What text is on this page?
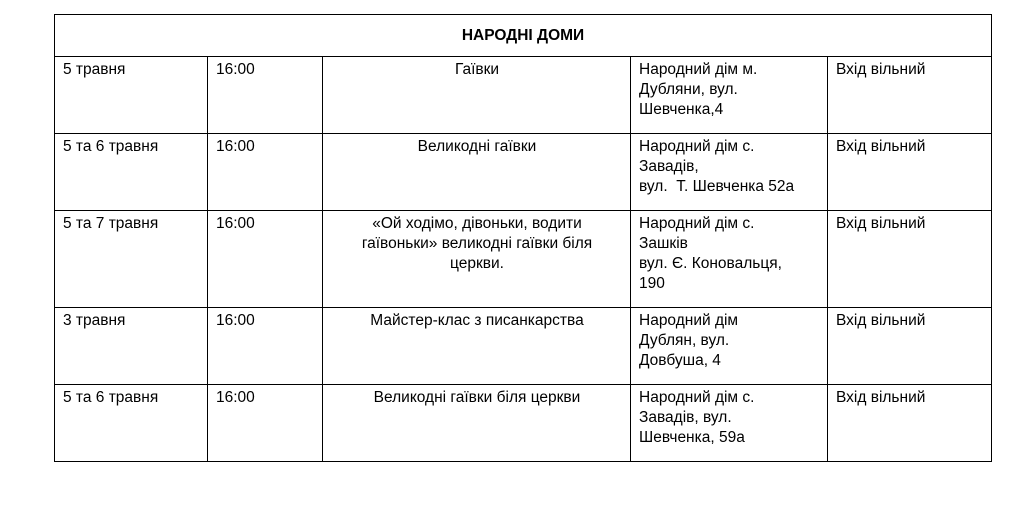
НАРОДНІ ДОМИ				
5 травня	16:00	Гаївки	Народний дім м.
Дубляни, вул.
Шевченка,4	Вхід вільний
5 та 6 травня	16:00	Великодні гаївки	Народний дім с.
Завадів,
вул.  Т. Шевченка 52а	Вхід вільний
5 та 7 травня	16:00	«Ой ходімо, дівоньки, водити
гаївоньки» великодні гаївки біля
церкви.	Народний дім с.
Зашків
вул. Є. Коновальця,
190	Вхід вільний
3 травня	16:00	Майстер-клас з писанкарства	Народний дім
Дублян, вул.
Довбуша, 4	Вхід вільний
5 та 6 травня	16:00	Великодні гаївки біля церкви	Народний дім с.
Завадів, вул.
Шевченка, 59а	Вхід вільний
